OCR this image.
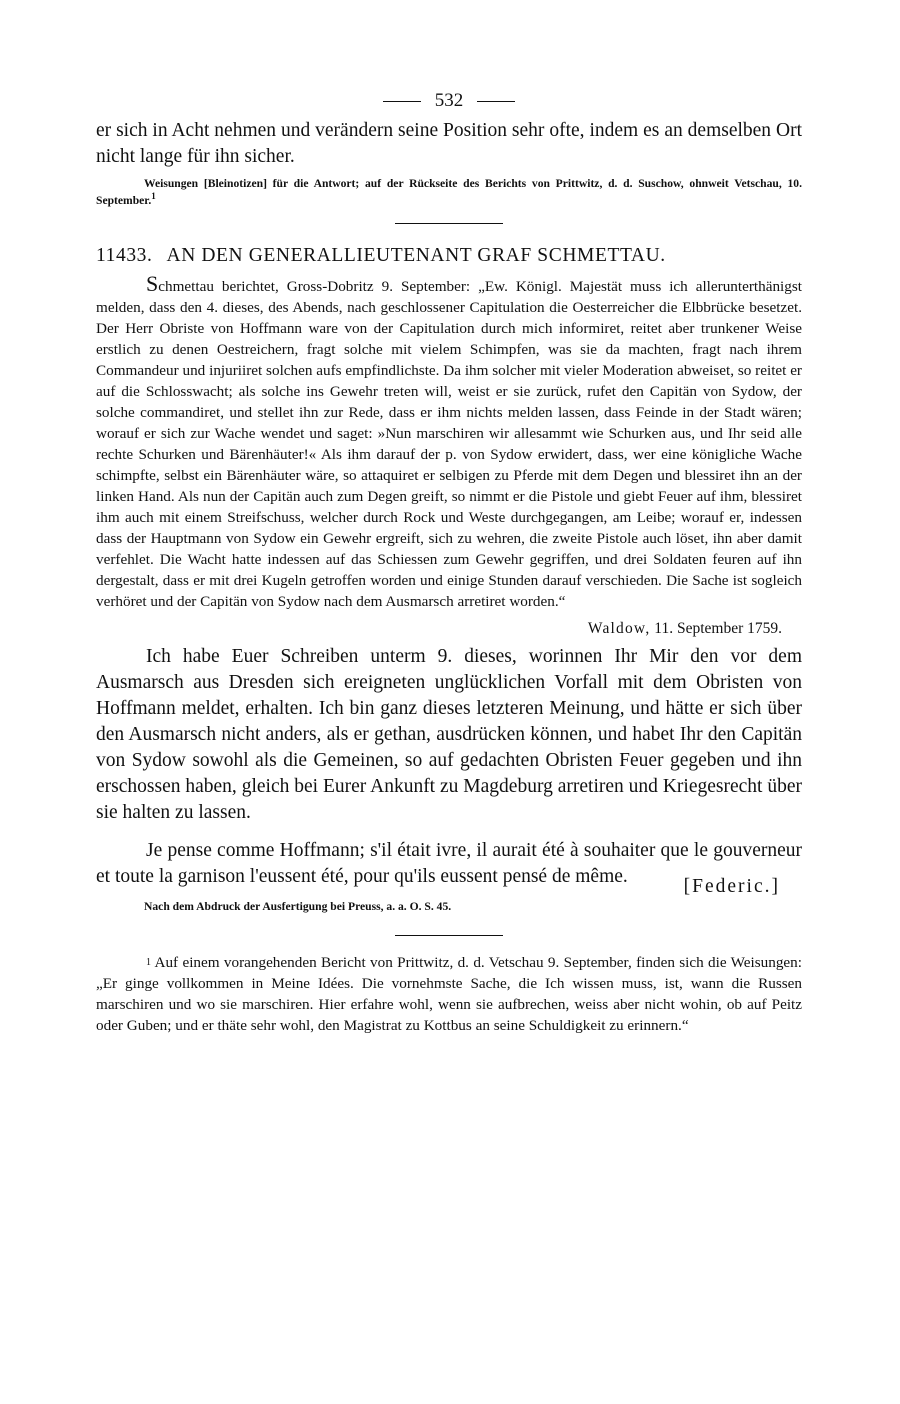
532

er sich in Acht nehmen und verändern seine Position sehr ofte, indem es an demselben Ort nicht lange für ihn sicher.

Weisungen [Bleinotizen] für die Antwort; auf der Rückseite des Berichts von Prittwitz, d. d. Suschow, ohnweit Vetschau, 10. September.$^1$

11433. AN DEN GENERALLIEUTENANT GRAF SCHMETTAU.

Schmettau berichtet, Gross-Dobritz 9. September: „Ew. Königl. Majestät muss ich allerunterthänigst melden, dass den 4. dieses, des Abends, nach geschlossener Capitulation die Oesterreicher die Elbbrücke besetzet. Der Herr Obriste von Hoffmann ware von der Capitulation durch mich informiret, reitet aber trunkener Weise erstlich zu denen Oestreichern, fragt solche mit vielem Schimpfen, was sie da machten, fragt nach ihrem Commandeur und injuriiret solchen aufs empfindlichste. Da ihm solcher mit vieler Moderation abweiset, so reitet er auf die Schlosswacht; als solche ins Gewehr treten will, weist er sie zurück, rufet den Capitän von Sydow, der solche commandiret, und stellet ihn zur Rede, dass er ihm nichts melden lassen, dass Feinde in der Stadt wären; worauf er sich zur Wache wendet und saget: »Nun marschiren wir allesammt wie Schurken aus, und Ihr seid alle rechte Schurken und Bärenhäuter!« Als ihm darauf der p. von Sydow erwidert, dass, wer eine königliche Wache schimpfte, selbst ein Bärenhäuter wäre, so attaquiret er selbigen zu Pferde mit dem Degen und blessiret ihn an der linken Hand. Als nun der Capitän auch zum Degen greift, so nimmt er die Pistole und giebt Feuer auf ihm, blessiret ihm auch mit einem Streifschuss, welcher durch Rock und Weste durchgegangen, am Leibe; worauf er, indessen dass der Hauptmann von Sydow ein Gewehr ergreift, sich zu wehren, die zweite Pistole auch löset, ihn aber damit verfehlet. Die Wacht hatte indessen auf das Schiessen zum Gewehr gegriffen, und drei Soldaten feuren auf ihn dergestalt, dass er mit drei Kugeln getroffen worden und einige Stunden darauf verschieden. Die Sache ist sogleich verhöret und der Capitän von Sydow nach dem Ausmarsch arretiret worden.“

Waldow, 11. September 1759.

Ich habe Euer Schreiben unterm 9. dieses, worinnen Ihr Mir den vor dem Ausmarsch aus Dresden sich ereigneten unglücklichen Vorfall mit dem Obristen von Hoffmann meldet, erhalten. Ich bin ganz dieses letzteren Meinung, und hätte er sich über den Ausmarsch nicht anders, als er gethan, ausdrücken können, und habet Ihr den Capitän von Sydow sowohl als die Gemeinen, so auf gedachten Obristen Feuer gegeben und ihn erschossen haben, gleich bei Eurer Ankunft zu Magdeburg arretiren und Kriegesrecht über sie halten zu lassen.

Je pense comme Hoffmann; s'il était ivre, il aurait été à souhaiter que le gouverneur et toute la garnison l'eussent été, pour qu'ils eussent pensé de même.	[Federic.]

Nach dem Abdruck der Ausfertigung bei Preuss, a. a. O. S. 45.

$^1$ Auf einem vorangehenden Bericht von Prittwitz, d. d. Vetschau 9. September, finden sich die Weisungen: „Er ginge vollkommen in Meine Idées. Die vornehmste Sache, die Ich wissen muss, ist, wann die Russen marschiren und wo sie marschiren. Hier erfahre wohl, wenn sie aufbrechen, weiss aber nicht wohin, ob auf Peitz oder Guben; und er thäte sehr wohl, den Magistrat zu Kottbus an seine Schuldigkeit zu erinnern.“
